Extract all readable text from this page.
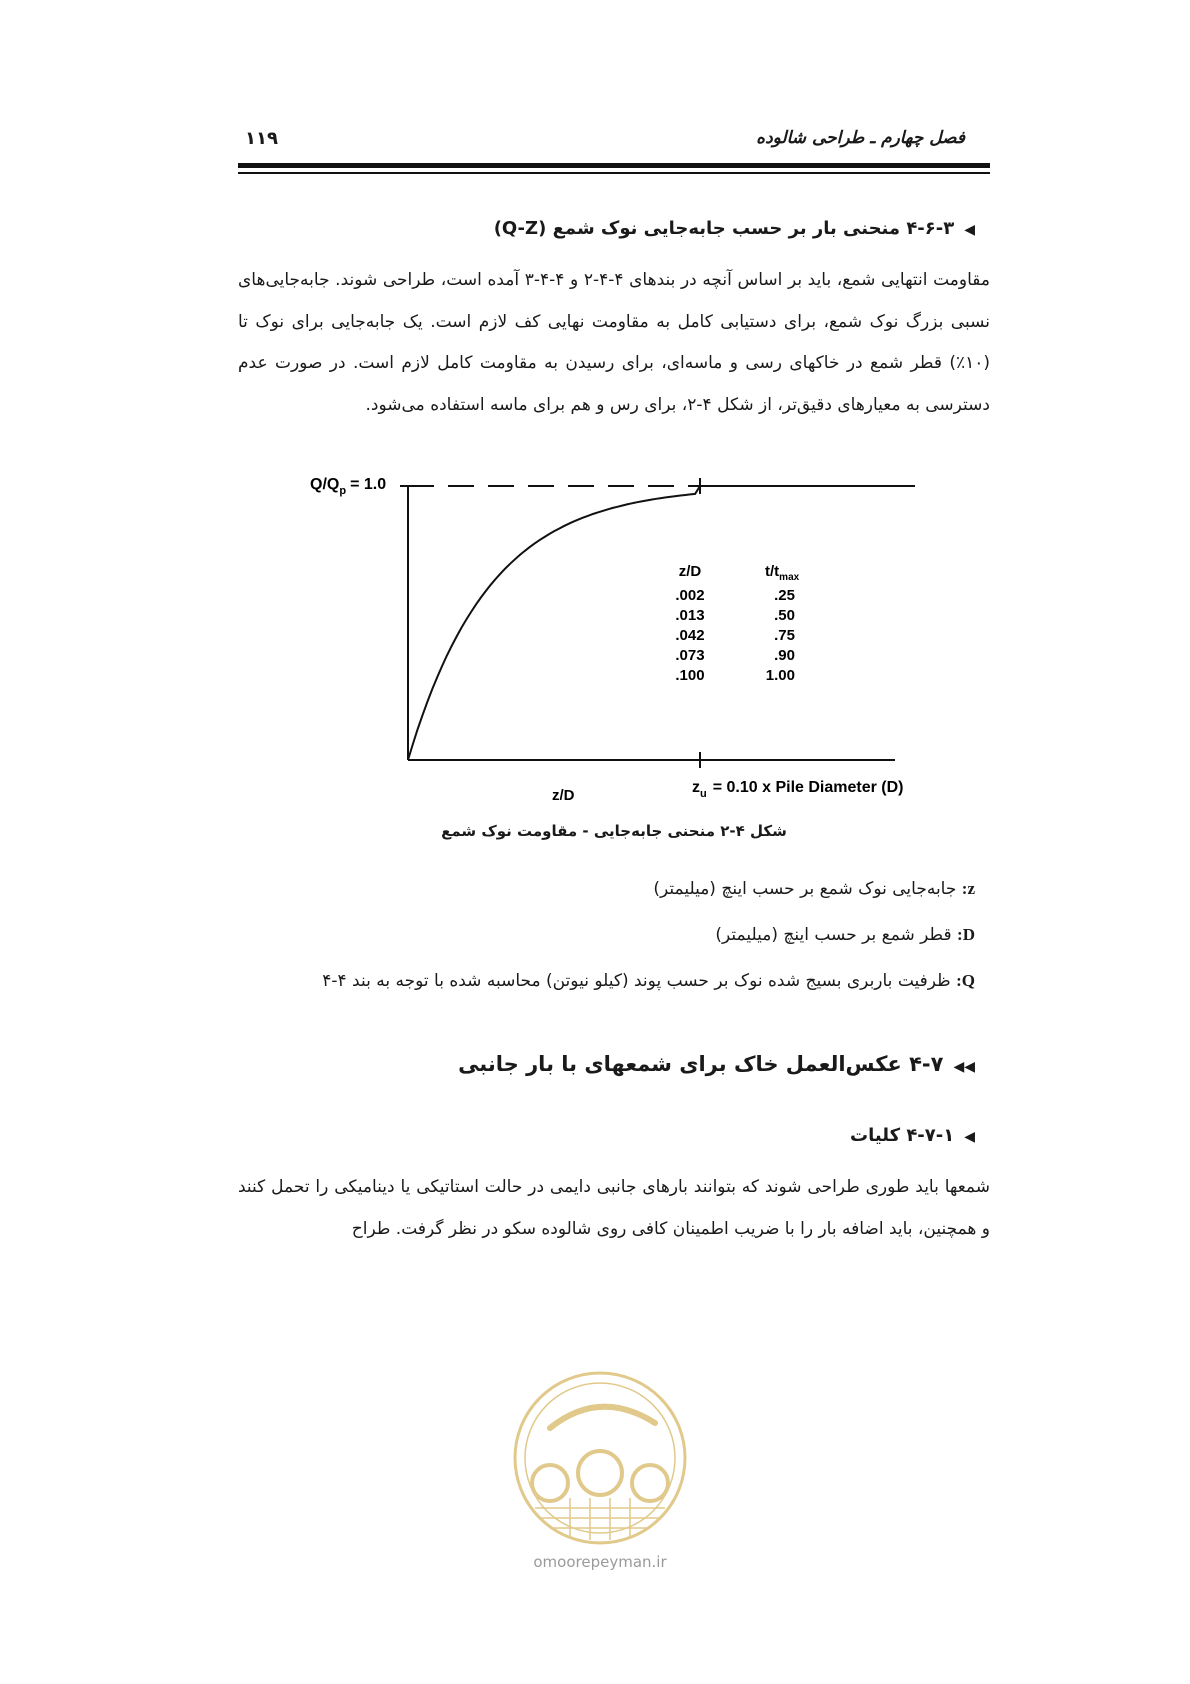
فصل چهارم ـ طراحی شالوده
۱۱۹
◀۴-۶-۳ منحنی بار بر حسب جابه‌جایی نوک شمع (Q-Z)
مقاومت انتهایی شمع، باید بر اساس آنچه در بندهای ۴-۴-۲ و ۴-۴-۳ آمده است، طراحی شوند. جابه‌جایی‌های نسبی بزرگ نوک شمع، برای دستیابی کامل به مقاومت نهایی کف لازم است. یک جابه‌جایی برای نوک تا (۱۰٪) قطر شمع در خاکهای رسی و ماسه‌ای، برای رسیدن به مقاومت کامل لازم است. در صورت عدم دسترسی به معیارهای دقیق‌تر، از شکل ۴-۲، برای رس و هم برای ماسه استفاده می‌شود.
$Q/Q_p = 1.0$
z/D	$z_u = 0.10$ x Pile Diameter (D)
z/D	$t/t_{max}$
.002	.25
.013	.50
.042	.75
.073	.90
.100	1.00
شکل ۴-۲ منحنی جابه‌جایی - مقاومت نوک شمع
z: جابه‌جایی نوک شمع بر حسب اینچ (میلیمتر)
D: قطر شمع بر حسب اینچ (میلیمتر)
Q: ظرفیت باربری بسیج شده نوک بر حسب پوند (کیلو نیوتن) محاسبه شده با توجه به بند ۴-۴
◀◀۴-۷ عکس‌العمل خاک برای شمعهای با بار جانبی
◀۴-۷-۱ کلیات
شمعها باید طوری طراحی شوند که بتوانند بارهای جانبی دایمی در حالت استاتیکی یا دینامیکی را تحمل کنند و همچنین، باید اضافه بار را با ضریب اطمینان کافی روی شالوده سکو در نظر گرفت. طراح
omoorepeyman.ir
